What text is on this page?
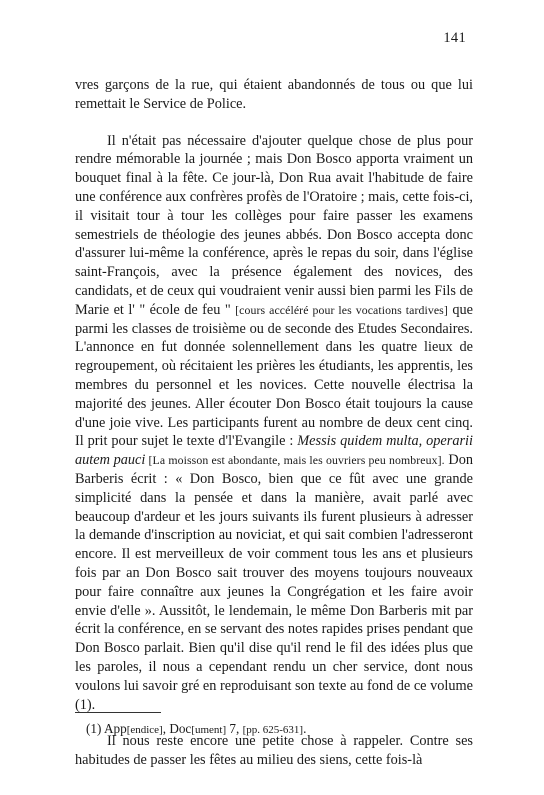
141

vres garçons de la rue, qui étaient abandonnés de tous ou que lui remettait le Service de Police.

Il n'était pas nécessaire d'ajouter quelque chose de plus pour rendre mémorable la journée ; mais Don Bosco apporta vraiment un bouquet final à la fête. Ce jour-là, Don Rua avait l'habitude de faire une conférence aux confrères profès de l'Oratoire ; mais, cette fois-ci, il visitait tour à tour les collèges pour faire passer les examens semestriels de théologie des jeunes abbés. Don Bosco accepta donc d'assurer lui-même la conférence, après le repas du soir, dans l'église saint-François, avec la présence également des novices, des candidats, et de ceux qui voudraient venir aussi bien parmi les Fils de Marie et l' " école de feu " [cours accéléré pour les vocations tardives] que parmi les classes de troisième ou de seconde des Etudes Secondaires. L'annonce en fut donnée solennellement dans les quatre lieux de regroupement, où récitaient les prières les étudiants, les apprentis, les membres du personnel et les novices. Cette nouvelle électrisa la majorité des jeunes. Aller écouter Don Bosco était toujours la cause d'une joie vive. Les participants furent au nombre de deux cent cinq. Il prit pour sujet le texte d'l'Evangile : Messis quidem multa, operarii autem pauci [La moisson est abondante, mais les ouvriers peu nombreux]. Don Barberis écrit : « Don Bosco, bien que ce fût avec une grande simplicité dans la pensée et dans la manière, avait parlé avec beaucoup d'ardeur et les jours suivants ils furent plusieurs à adresser la demande d'inscription au noviciat, et qui sait combien l'adresseront encore. Il est merveilleux de voir comment tous les ans et plusieurs fois par an Don Bosco sait trouver des moyens toujours nouveaux pour faire connaître aux jeunes la Congrégation et les faire avoir envie d'elle ». Aussitôt, le lendemain, le même Don Barberis mit par écrit la conférence, en se servant des notes rapides prises pendant que Don Bosco parlait. Bien qu'il dise qu'il rend le fil des idées plus que les paroles, il nous a cependant rendu un cher service, dont nous voulons lui savoir gré en reproduisant son texte au fond de ce volume (1).

Il nous reste encore une petite chose à rappeler. Contre ses habitudes de passer les fêtes au milieu des siens, cette fois-là

(1) App[endice], Doc[ument] 7, [pp. 625-631].
